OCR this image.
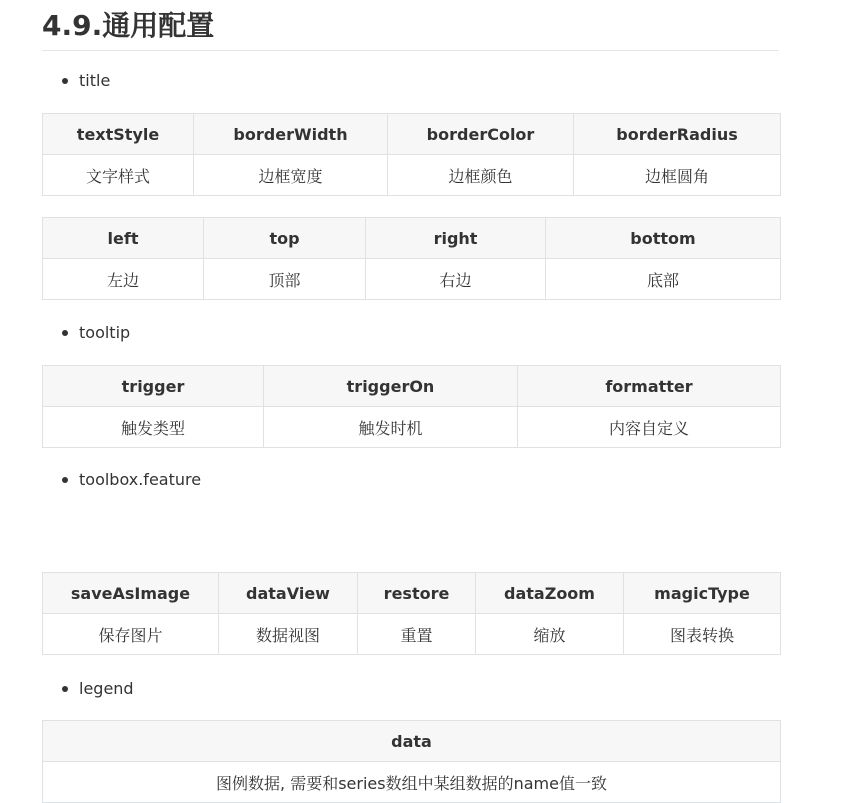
4.9.通用配置
title
textStyle	borderWidth	borderColor	borderRadius
文字样式	边框宽度	边框颜色	边框圆角
left	top	right	bottom
左边	顶部	右边	底部
tooltip
trigger	triggerOn	formatter
触发类型	触发时机	内容自定义
toolbox.feature
saveAsImage	dataView	restore	dataZoom	magicType
保存图片	数据视图	重置	缩放	图表转换
legend
data
图例数据, 需要和series数组中某组数据的name值一致
